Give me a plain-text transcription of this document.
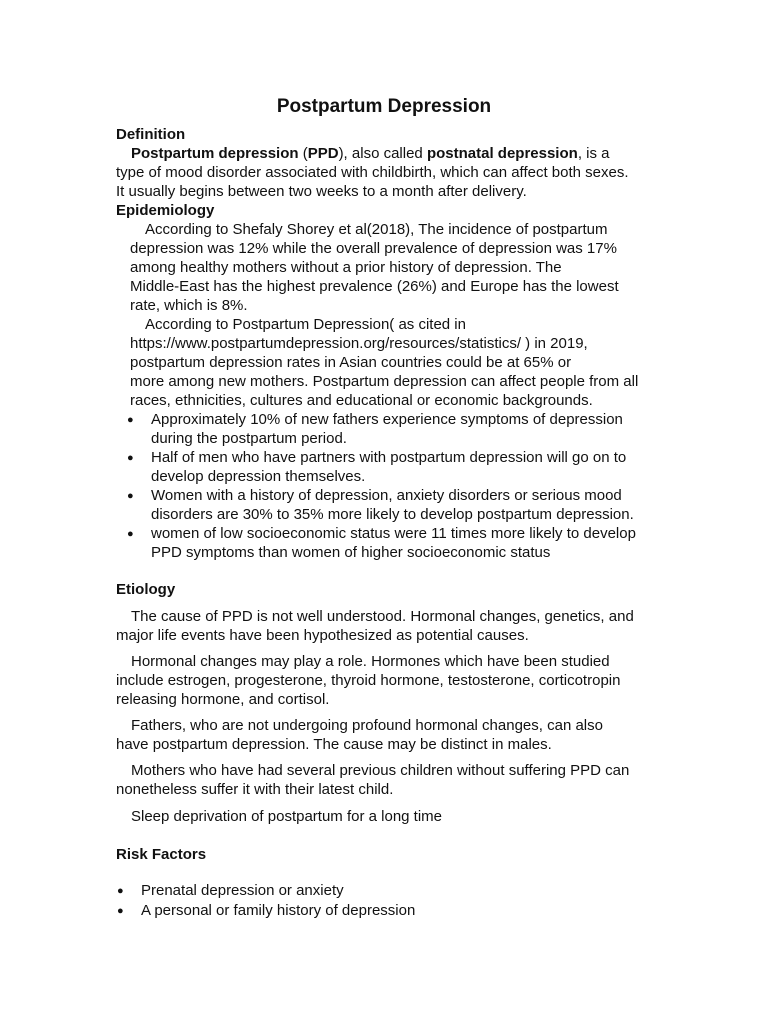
Postpartum Depression
Definition
Postpartum depression (PPD), also called postnatal depression, is a
type of mood disorder associated with childbirth, which can affect both sexes.
It usually begins between two weeks to a month after delivery.
Epidemiology
According to Shefaly Shorey et al(2018), The incidence of postpartum
depression was 12% while the overall prevalence of depression was 17%
among healthy mothers without a prior history of depression. The
Middle-East has the highest prevalence (26%) and Europe has the lowest
rate, which is 8%.
According to Postpartum Depression( as cited in
https://www.postpartumdepression.org/resources/statistics/ ) in 2019,
postpartum depression rates in Asian countries could be at 65% or
more among new mothers. Postpartum depression can affect people from all
races, ethnicities, cultures and educational or economic backgrounds.
● Approximately 10% of new fathers experience symptoms of depression
during the postpartum period.
● Half of men who have partners with postpartum depression will go on to
develop depression themselves.
● Women with a history of depression, anxiety disorders or serious mood
disorders are 30% to 35% more likely to develop postpartum depression.
● women of low socioeconomic status were 11 times more likely to develop
PPD symptoms than women of higher socioeconomic status
Etiology
The cause of PPD is not well understood. Hormonal changes, genetics, and
major life events have been hypothesized as potential causes.
Hormonal changes may play a role. Hormones which have been studied
include estrogen, progesterone, thyroid hormone, testosterone, corticotropin
releasing hormone, and cortisol.
Fathers, who are not undergoing profound hormonal changes, can also
have postpartum depression. The cause may be distinct in males.
Mothers who have had several previous children without suffering PPD can
nonetheless suffer it with their latest child.
Sleep deprivation of postpartum for a long time
Risk Factors
● Prenatal depression or anxiety
● A personal or family history of depression
